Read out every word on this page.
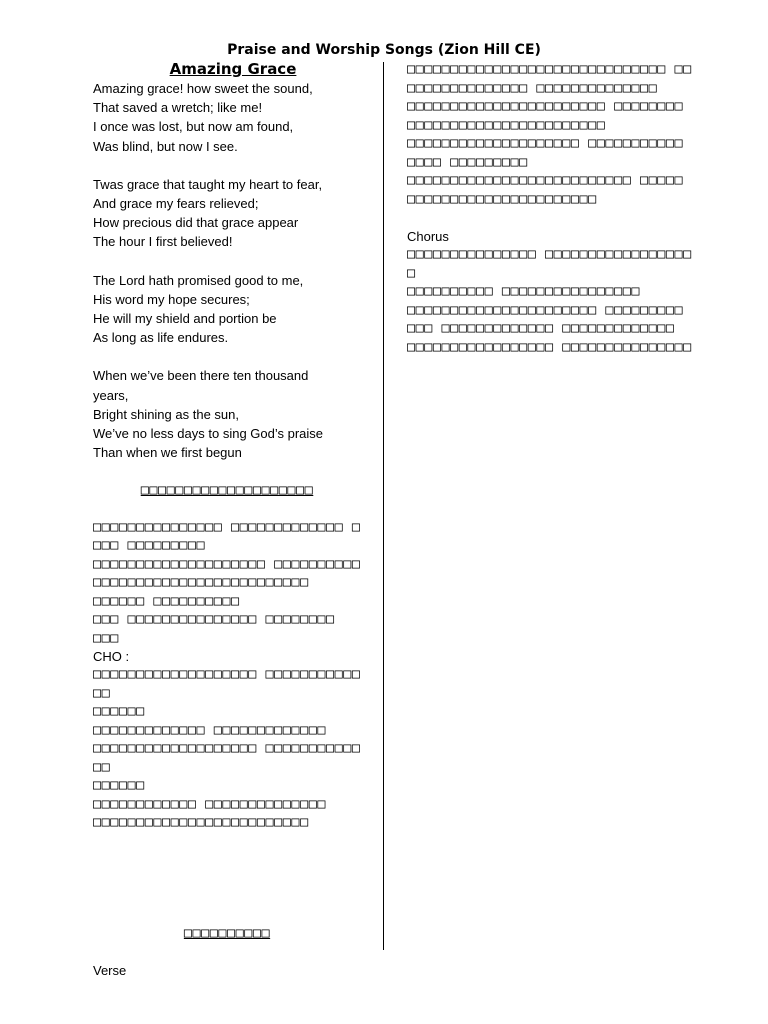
Praise and Worship Songs (Zion Hill CE)
Amazing Grace

Amazing grace! how sweet the sound,

That saved a wretch; like me!

I once was lost, but now am found,

Was blind, but now I see.

Twas grace that taught my heart to fear,

And grace my fears relieved;

How precious did that grace appear

The hour I first believed!

The Lord hath promised good to me,

His word my hope secures;

He will my shield and portion be

As long as life endures.

When we’ve been there ten thousand years,

Bright shining as the sun,

We’ve no less days to sing God’s praise

Than when we first begun

□□□□□□□□□□□□□□□□□□□□

□□□□□□□□□□□□□□□ □□□□□□□□□□□□□ □

□□□ □□□□□□□□□

□□□□□□□□□□□□□□□□□□□□ □□□□□□□□□□

□□□□□□□□□□□□□□□□□□□□□□□□□

□□□□□□ □□□□□□□□□□

□□□ □□□□□□□□□□□□□□□ □□□□□□□□

□□□

CHO :

□□□□□□□□□□□□□□□□□□□ □□□□□□□□□□□□□

□□□□□□

□□□□□□□□□□□□□ □□□□□□□□□□□□□

□□□□□□□□□□□□□□□□□□□ □□□□□□□□□□□□□

□□□□□□

□□□□□□□□□□□□ □□□□□□□□□□□□□□

□□□□□□□□□□□□□□□□□□□□□□□□□

□□□□□□□□□□

Verse

□□□□□□□□□□□□□□□□□□□□□□□□□□□□□□ □□

□□□□□□□□□□□□□□ □□□□□□□□□□□□□□

□□□□□□□□□□□□□□□□□□□□□□□ □□□□□□□□

□□□□□□□□□□□□□□□□□□□□□□□

□□□□□□□□□□□□□□□□□□□□ □□□□□□□□□□□

□□□□ □□□□□□□□□

□□□□□□□□□□□□□□□□□□□□□□□□□□ □□□□□

□□□□□□□□□□□□□□□□□□□□□□

Chorus

□□□□□□□□□□□□□□□ □□□□□□□□□□□□□□□□□□

□□□□□□□□□□ □□□□□□□□□□□□□□□□

□□□□□□□□□□□□□□□□□□□□□□ □□□□□□□□□

□□□ □□□□□□□□□□□□□ □□□□□□□□□□□□□

□□□□□□□□□□□□□□□□□ □□□□□□□□□□□□□□□
